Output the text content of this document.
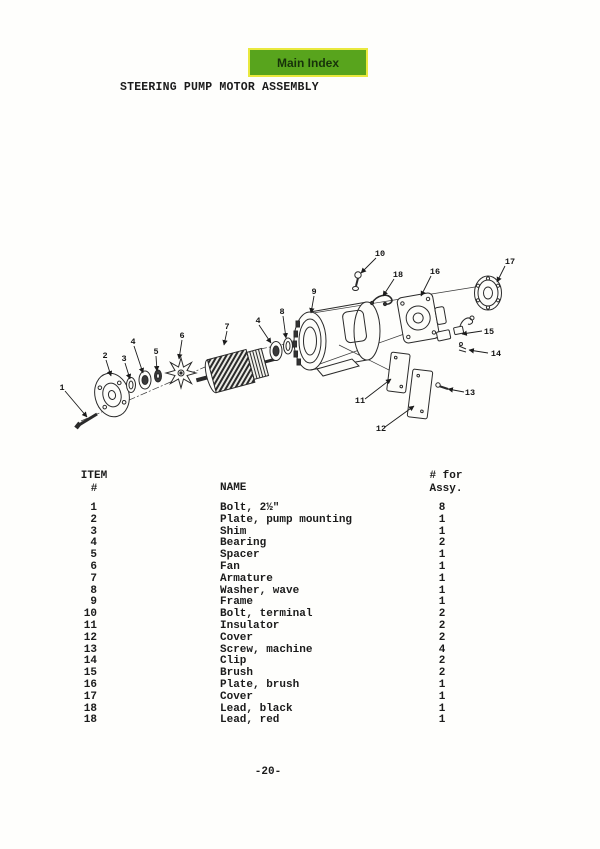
Main Index
STEERING PUMP MOTOR ASSEMBLY
1
2 3
4
5
6
7
4
8
9
10
18	16
17
15
14
11
12
13
ITEM
#	NAME
# for
Assy.
1	Bolt, 2½"	8
2	Plate, pump mounting	1
3	Shim	1
4	Bearing	2
5	Spacer	1
6	Fan	1
7	Armature	1
8	Washer, wave	1
9	Frame	1
10	Bolt, terminal	2
11	Insulator	2
12	Cover	2
13	Screw, machine	4
14	Clip	2
15	Brush	2
16	Plate, brush	1
17	Cover	1
18	Lead, black	1
18	Lead, red	1
-20-
